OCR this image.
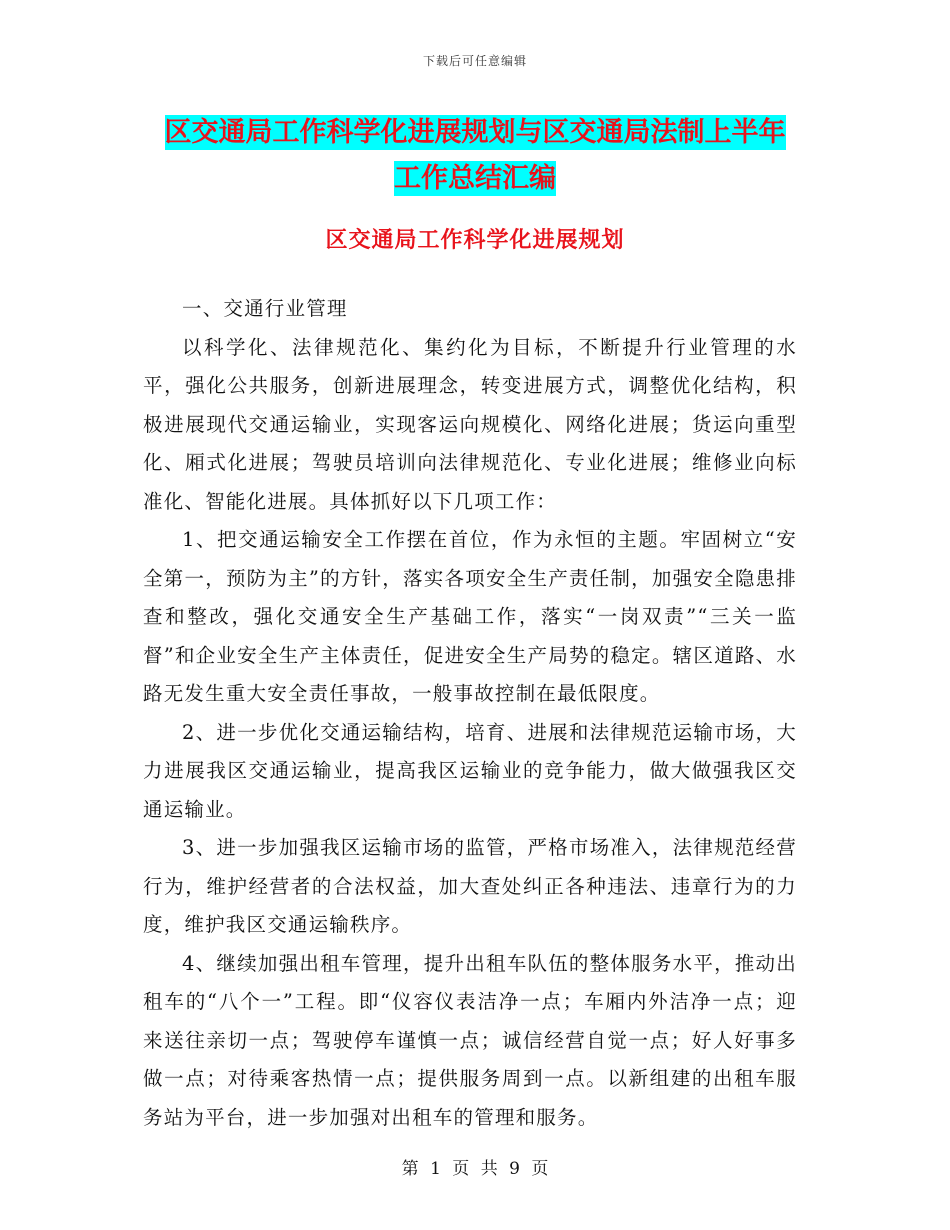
下载后可任意编辑
区交通局工作科学化进展规划与区交通局法制上半年
工作总结汇编
区交通局工作科学化进展规划

一、交通行业管理

以科学化、法律规范化、集约化为目标，不断提升行业管理的水平，强化公共服务，创新进展理念，转变进展方式，调整优化结构，积极进展现代交通运输业，实现客运向规模化、网络化进展；货运向重型化、厢式化进展；驾驶员培训向法律规范化、专业化进展；维修业向标准化、智能化进展。具体抓好以下几项工作：

1、把交通运输安全工作摆在首位，作为永恒的主题。牢固树立“安全第一，预防为主”的方针，落实各项安全生产责任制，加强安全隐患排查和整改，强化交通安全生产基础工作，落实“一岗双责”“三关一监督”和企业安全生产主体责任，促进安全生产局势的稳定。辖区道路、水路无发生重大安全责任事故，一般事故控制在最低限度。

2、进一步优化交通运输结构，培育、进展和法律规范运输市场，大力进展我区交通运输业，提高我区运输业的竞争能力，做大做强我区交通运输业。

3、进一步加强我区运输市场的监管，严格市场准入，法律规范经营行为，维护经营者的合法权益，加大查处纠正各种违法、违章行为的力度，维护我区交通运输秩序。

4、继续加强出租车管理，提升出租车队伍的整体服务水平，推动出租车的“八个一”工程。即“仪容仪表洁净一点；车厢内外洁净一点；迎来送往亲切一点；驾驶停车谨慎一点；诚信经营自觉一点；好人好事多做一点；对待乘客热情一点；提供服务周到一点。以新组建的出租车服务站为平台，进一步加强对出租车的管理和服务。

第 1 页 共 9 页
